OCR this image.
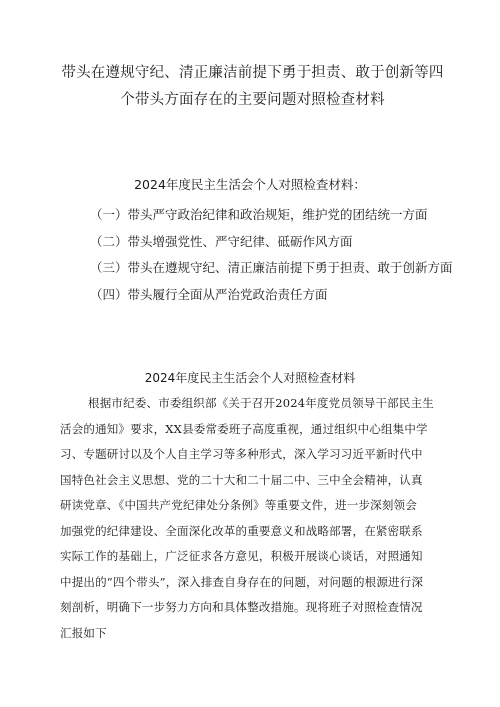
带头在遵规守纪、清正廉洁前提下勇于担责、敢于创新等四
个带头方面存在的主要问题对照检查材料
2024年度民主生活会个人对照检查材料：
（一）带头严守政治纪律和政治规矩，维护党的团结统一方面
（二）带头增强党性、严守纪律、砥砺作风方面
（三）带头在遵规守纪、清正廉洁前提下勇于担责、敢于创新方面
（四）带头履行全面从严治党政治责任方面
2024年度民主生活会个人对照检查材料
根据市纪委、市委组织部《关于召开2024年度党员领导干部民主生
活会的通知》要求，XX县委常委班子高度重视，通过组织中心组集中学
习、专题研讨以及个人自主学习等多种形式，深入学习习近平新时代中
国特色社会主义思想、党的二十大和二十届二中、三中全会精神，认真
研读党章、《中国共产党纪律处分条例》等重要文件，进一步深刻领会
加强党的纪律建设、全面深化改革的重要意义和战略部署，在紧密联系
实际工作的基础上，广泛征求各方意见，积极开展谈心谈话，对照通知
中提出的“四个带头”，深入排查自身存在的问题，对问题的根源进行深
刻剖析，明确下一步努力方向和具体整改措施。现将班子对照检查情况
汇报如下
